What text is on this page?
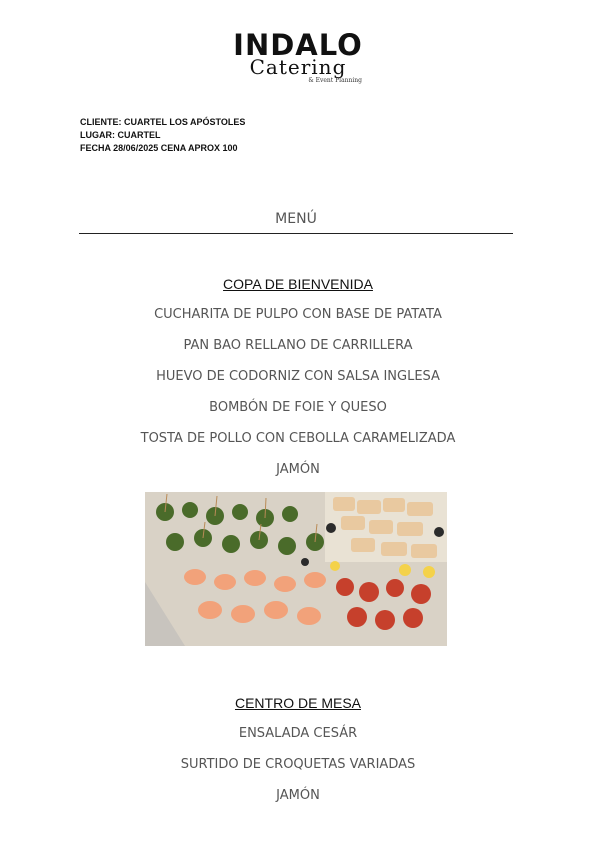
INDALO
Catering
& Event Planning
CLIENTE: CUARTEL LOS APÓSTOLES
LUGAR: CUARTEL
FECHA 28/06/2025 CENA APROX 100
MENÚ
COPA DE BIENVENIDA
CUCHARITA DE PULPO CON BASE DE PATATA
PAN BAO RELLANO DE CARRILLERA
HUEVO DE CODORNIZ CON SALSA INGLESA
BOMBÓN DE FOIE Y QUESO
TOSTA DE POLLO CON CEBOLLA CARAMELIZADA
JAMÓN
CENTRO DE MESA
ENSALADA CESÁR
SURTIDO DE CROQUETAS VARIADAS
JAMÓN
